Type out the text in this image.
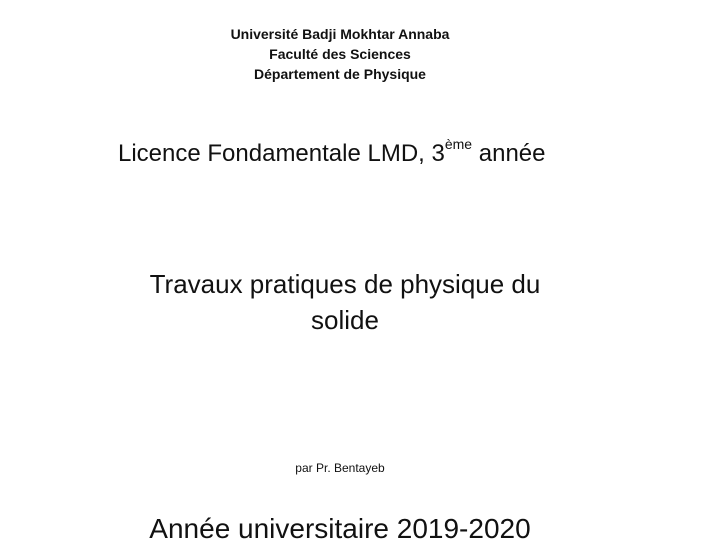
Université Badji Mokhtar Annaba
Faculté des Sciences
Département de Physique
Licence Fondamentale LMD, 3ème année
Travaux pratiques de physique du
solide
par Pr. Bentayeb
Année universitaire 2019-2020
